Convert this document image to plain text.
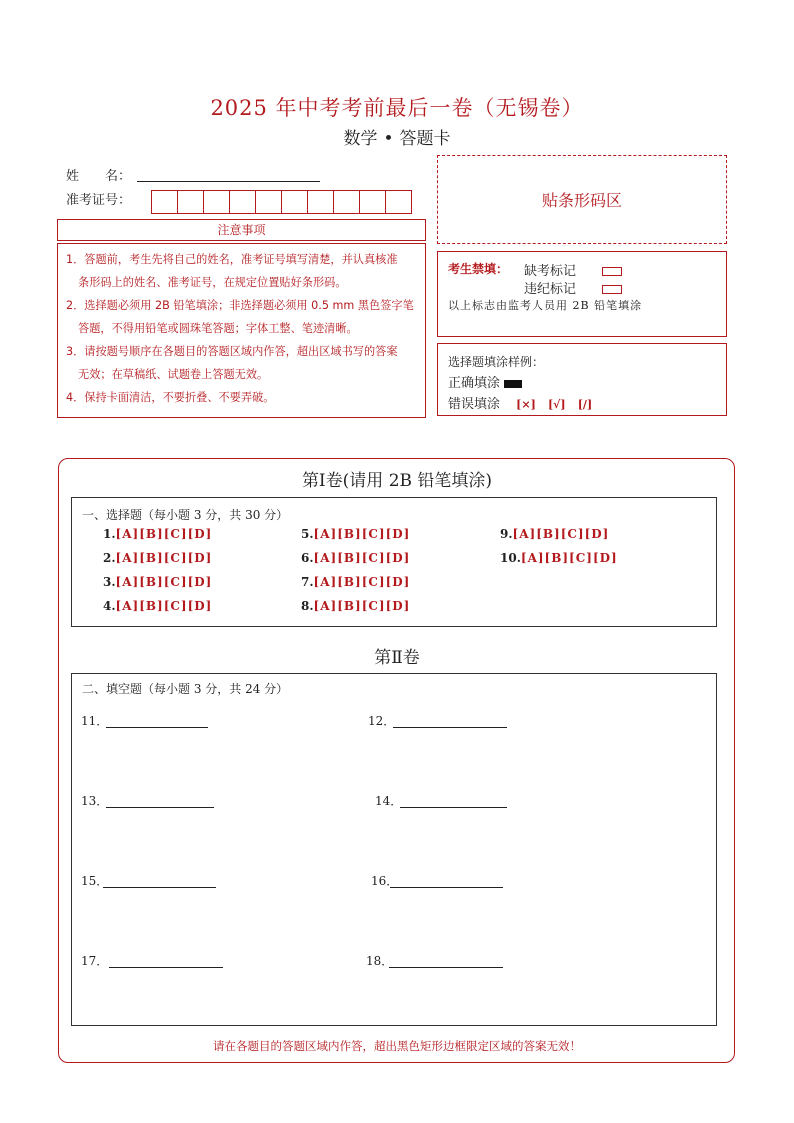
2025 年中考考前最后一卷（无锡卷）
数学 • 答题卡
姓　　名：
准考证号：	贴条形码区
注意事项
1．答题前，考生先将自己的姓名，准考证号填写清楚，并认真核准
条形码上的姓名、准考证号，在规定位置贴好条形码。
2．选择题必须用 2B 铅笔填涂；非选择题必须用 0.5 mm 黑色签字笔
答题，不得用铅笔或圆珠笔答题；字体工整、笔迹清晰。
3．请按题号顺序在各题目的答题区域内作答，超出区域书写的答案
无效；在草稿纸、试题卷上答题无效。
4．保持卡面清洁，不要折叠、不要弄破。
考生禁填： 缺考标记
违纪标记
以上标志由监考人员用 2B 铅笔填涂
选择题填涂样例：
正确填涂
错误填涂 [×] [√] [/]
第Ⅰ卷(请用 2B 铅笔填涂)
一、选择题（每小题 3 分，共 30 分）
1.[A][B][C][D]
2.[A][B][C][D]
3.[A][B][C][D]
4.[A][B][C][D]
5.[A][B][C][D]
6.[A][B][C][D]
7.[A][B][C][D]
8.[A][B][C][D]
9.[A][B][C][D]
10.[A][B][C][D]
第Ⅱ卷
二、填空题（每小题 3 分，共 24 分）
11．	12．
13．	14．
15．	16．
17．	18．
请在各题目的答题区域内作答，超出黑色矩形边框限定区域的答案无效！
